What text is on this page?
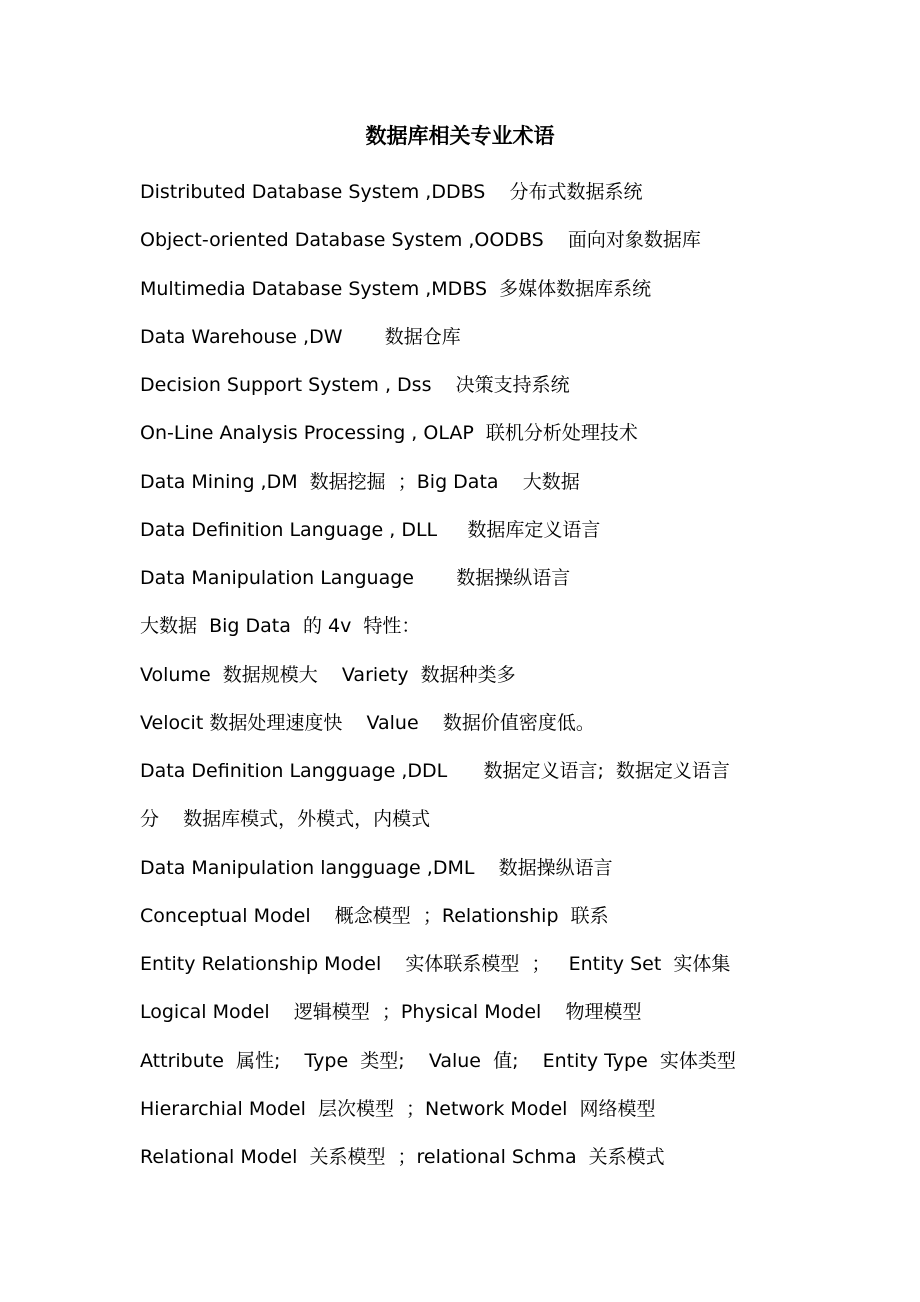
数据库相关专业术语
Distributed Database System ,DDBS    分布式数据系统
Object-oriented Database System ,OODBS    面向对象数据库
Multimedia Database System ,MDBS  多媒体数据库系统
Data Warehouse ,DW       数据仓库
Decision Support System , Dss    决策支持系统
On-Line Analysis Processing , OLAP  联机分析处理技术
Data Mining ,DM  数据挖掘  ；Big Data    大数据
Data Definition Language , DLL     数据库定义语言
Data Manipulation Language       数据操纵语言
大数据  Big Data  的 4v  特性：
Volume  数据规模大    Variety  数据种类多
Velocit 数据处理速度快    Value    数据价值密度低。
Data Definition Langguage ,DDL      数据定义语言;  数据定义语言
分    数据库模式，外模式，内模式
Data Manipulation langguage ,DML    数据操纵语言
Conceptual Model    概念模型  ；Relationship  联系
Entity Relationship Model    实体联系模型  ；   Entity Set  实体集
Logical Model    逻辑模型  ；Physical Model    物理模型
Attribute  属性;    Type  类型;    Value  值;    Entity Type  实体类型
Hierarchial Model  层次模型  ；Network Model  网络模型
Relational Model  关系模型  ；relational Schma  关系模式
